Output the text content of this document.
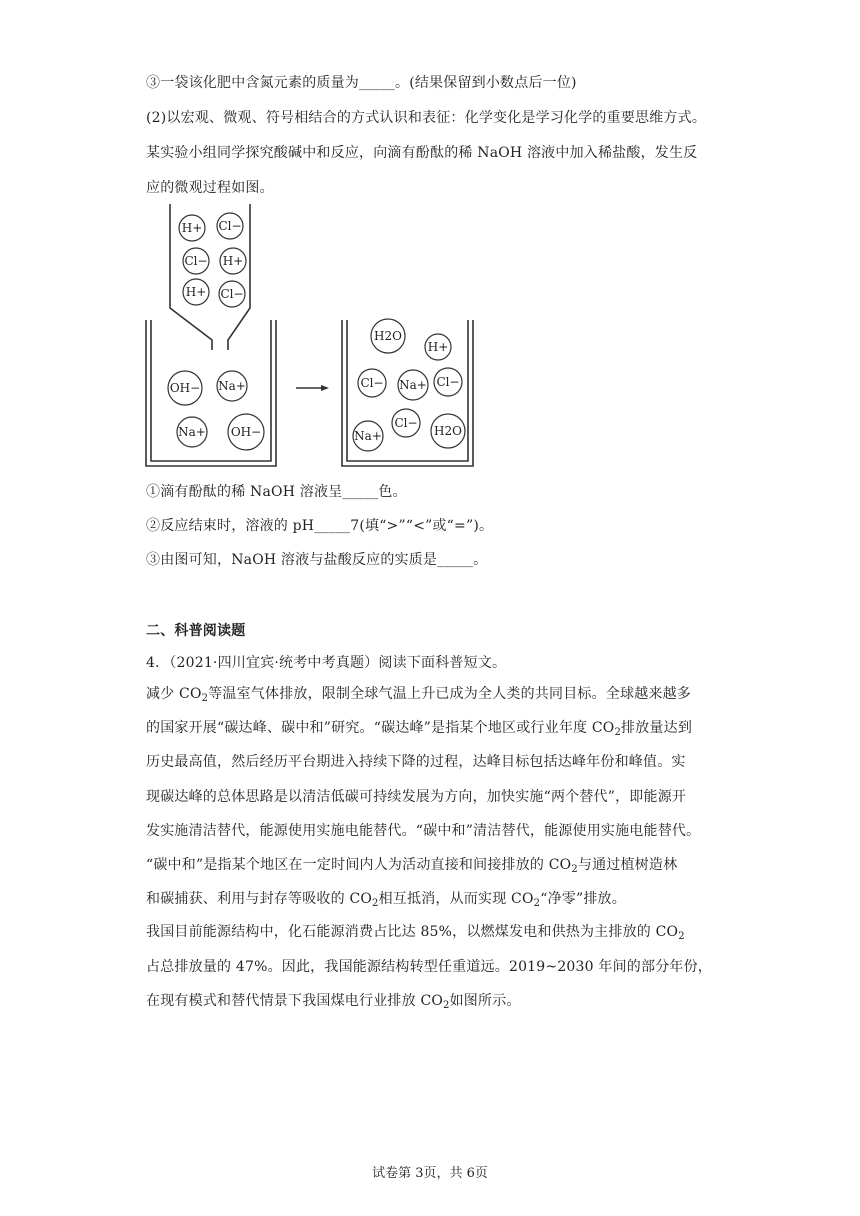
③一袋该化肥中含氮元素的质量为_____。(结果保留到小数点后一位)
(2)以宏观、微观、符号相结合的方式认识和表征：化学变化是学习化学的重要思维方式。
某实验小组同学探究酸碱中和反应，向滴有酚酞的稀 NaOH 溶液中加入稀盐酸，发生反
应的微观过程如图。
H+ Cl−
Cl− H+
H+ Cl−
OH− Na+
Na+ OH−
H2O
H+
Cl− Na+ Cl−
Na+
Cl−
H2O
①滴有酚酞的稀 NaOH 溶液呈_____色。
②反应结束时，溶液的 pH_____7(填“>”“<”或“=”)。
③由图可知，NaOH 溶液与盐酸反应的实质是_____。
二、科普阅读题
4．（2021·四川宜宾·统考中考真题）阅读下面科普短文。
减少 $CO_2$等温室气体排放，限制全球气温上升已成为全人类的共同目标。全球越来越多
的国家开展“碳达峰、碳中和”研究。“碳达峰”是指某个地区或行业年度 $CO_2$排放量达到
历史最高值，然后经历平台期进入持续下降的过程，达峰目标包括达峰年份和峰值。实
现碳达峰的总体思路是以清洁低碳可持续发展为方向，加快实施“两个替代”，即能源开
发实施清洁替代，能源使用实施电能替代。“碳中和”清洁替代，能源使用实施电能替代。
“碳中和”是指某个地区在一定时间内人为活动直接和间接排放的 $CO_2$与通过植树造林
和碳捕获、利用与封存等吸收的 $CO_2$相互抵消，从而实现 $CO_2“$净零”排放。
我国目前能源结构中，化石能源消费占比达 85%，以燃煤发电和供热为主排放的 $CO_2$
占总排放量的 47%。因此，我国能源结构转型任重道远。2019~2030 年间的部分年份，
在现有模式和替代情景下我国煤电行业排放 $CO_2$如图所示。
试卷第 3页，共 6页
